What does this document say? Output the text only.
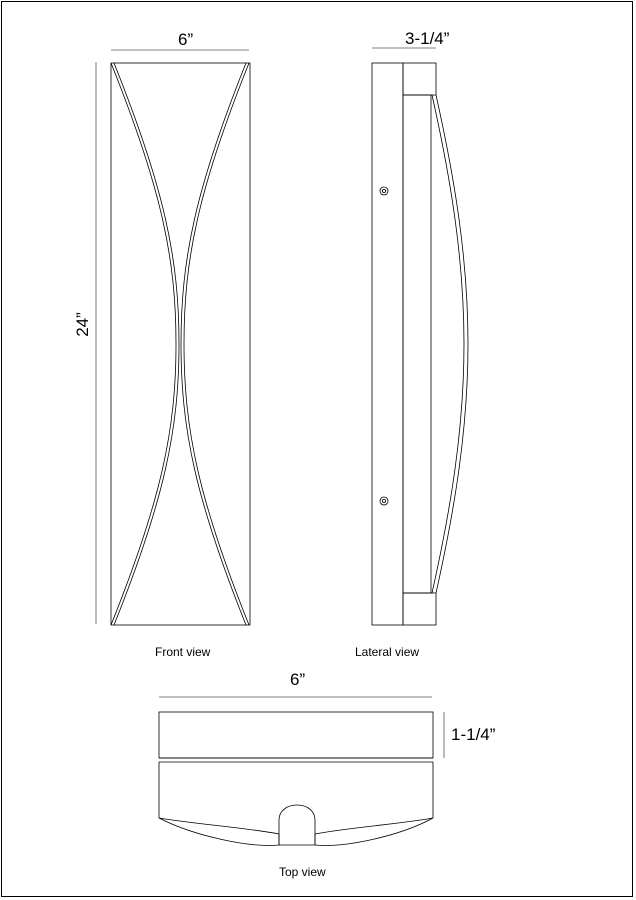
6”
24”
Front view
3-1/4”
Lateral view
6”
1-1/4”
Top view
